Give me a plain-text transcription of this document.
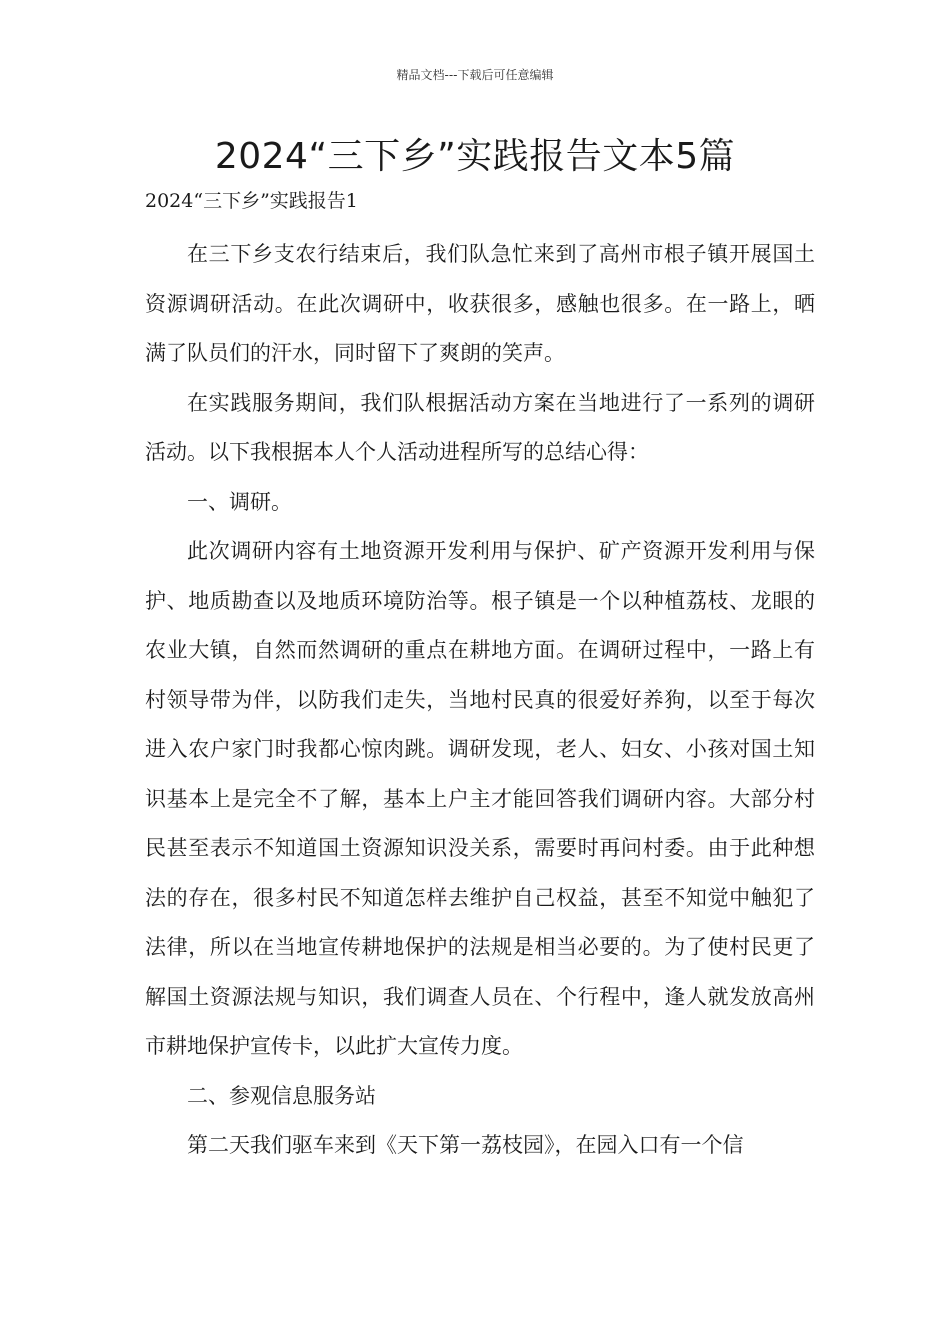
精品文档---下载后可任意编辑
2024“三下乡”实践报告文本5篇
2024“三下乡”实践报告1

在三下乡支农行结束后，我们队急忙来到了高州市根子镇开展国土资源调研活动。在此次调研中，收获很多，感触也很多。在一路上，晒满了队员们的汗水，同时留下了爽朗的笑声。

在实践服务期间，我们队根据活动方案在当地进行了一系列的调研活动。以下我根据本人个人活动进程所写的总结心得：

一、调研。

此次调研内容有土地资源开发利用与保护、矿产资源开发利用与保护、地质勘查以及地质环境防治等。根子镇是一个以种植荔枝、龙眼的农业大镇，自然而然调研的重点在耕地方面。在调研过程中，一路上有村领导带为伴，以防我们走失，当地村民真的很爱好养狗，以至于每次进入农户家门时我都心惊肉跳。调研发现，老人、妇女、小孩对国土知识基本上是完全不了解，基本上户主才能回答我们调研内容。大部分村民甚至表示不知道国土资源知识没关系，需要时再问村委。由于此种想法的存在，很多村民不知道怎样去维护自己权益，甚至不知觉中触犯了法律，所以在当地宣传耕地保护的法规是相当必要的。为了使村民更了解国土资源法规与知识，我们调查人员在、个行程中，逢人就发放高州市耕地保护宣传卡，以此扩大宣传力度。

二、参观信息服务站

第二天我们驱车来到《天下第一荔枝园》，在园入口有一个信
